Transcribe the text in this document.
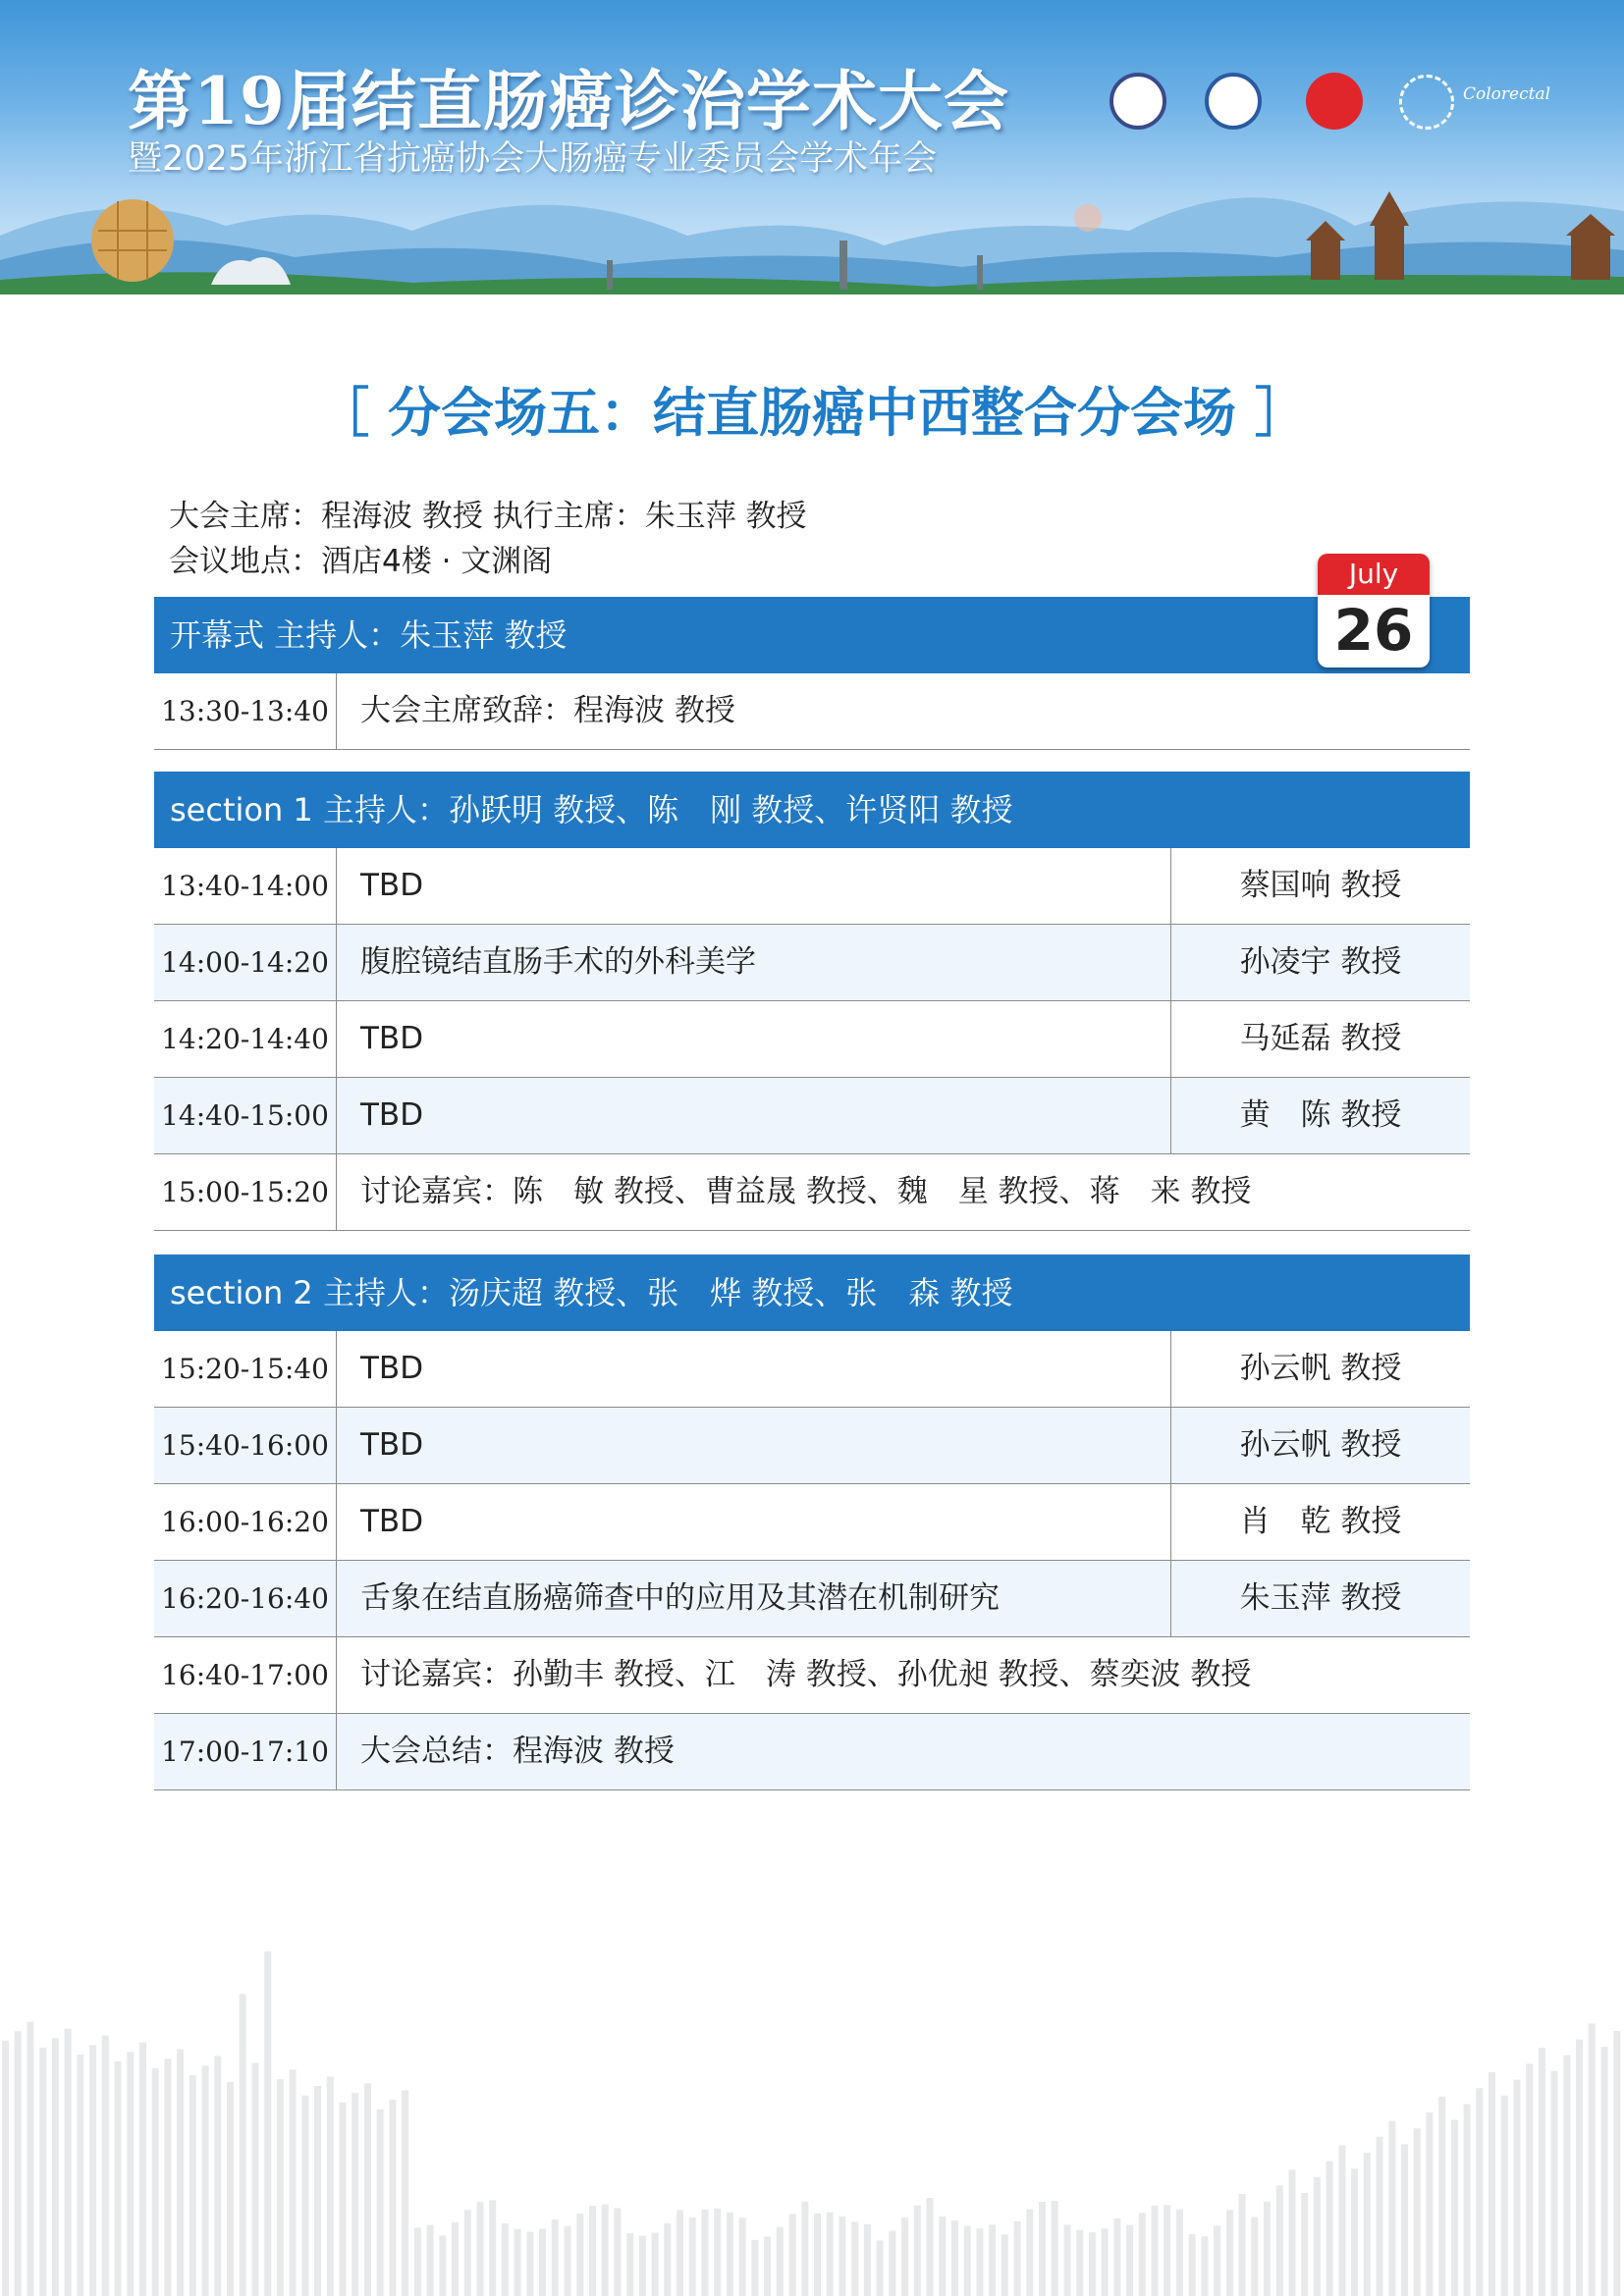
第19届结直肠癌诊治学术大会
暨2025年浙江省抗癌协会大肠癌专业委员会学术年会
Colorectal
［ 分会场五：结直肠癌中西整合分会场 ］
大会主席：程海波 教授 执行主席：朱玉萍 教授
会议地点：酒店4楼 · 文渊阁	July
26
开幕式 主持人：朱玉萍 教授
13:30-13:40 大会主席致辞：程海波 教授
section 1 主持人：孙跃明 教授、陈　刚 教授、许贤阳 教授
13:40-14:00 TBD	蔡国响 教授
14:00-14:20 腹腔镜结直肠手术的外科美学	孙凌宇 教授
14:20-14:40 TBD	马延磊 教授
14:40-15:00 TBD	黄　陈 教授
15:00-15:20 讨论嘉宾：陈　敏 教授、曹益晟 教授、魏　星 教授、蒋　来 教授
section 2 主持人：汤庆超 教授、张　烨 教授、张　森 教授
15:20-15:40 TBD	孙云帆 教授
15:40-16:00 TBD	孙云帆 教授
16:00-16:20 TBD	肖　乾 教授
16:20-16:40 舌象在结直肠癌筛查中的应用及其潜在机制研究	朱玉萍 教授
16:40-17:00 讨论嘉宾：孙勤丰 教授、江　涛 教授、孙优昶 教授、蔡奕波 教授
17:00-17:10 大会总结：程海波 教授
